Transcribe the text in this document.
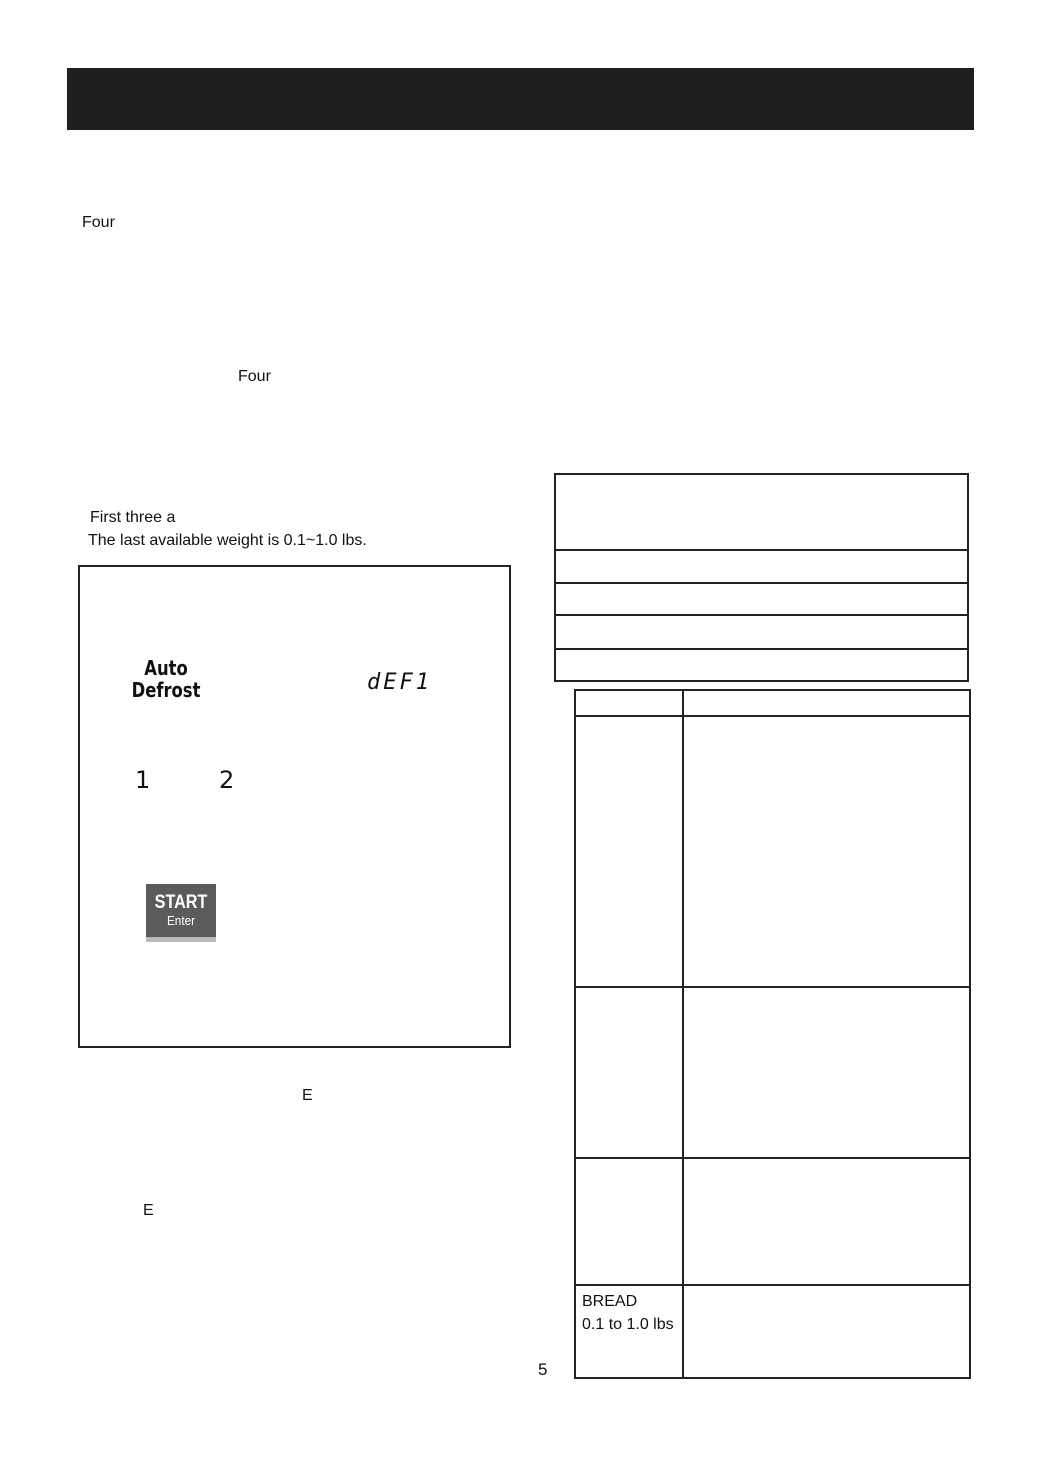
Four
Four
First three a
The last available weight is 0.1~1.0 lbs.
Auto
Defrost	dEF1
1	2
START
Enter
E
E
BREAD
0.1 to 1.0 lbs
5
